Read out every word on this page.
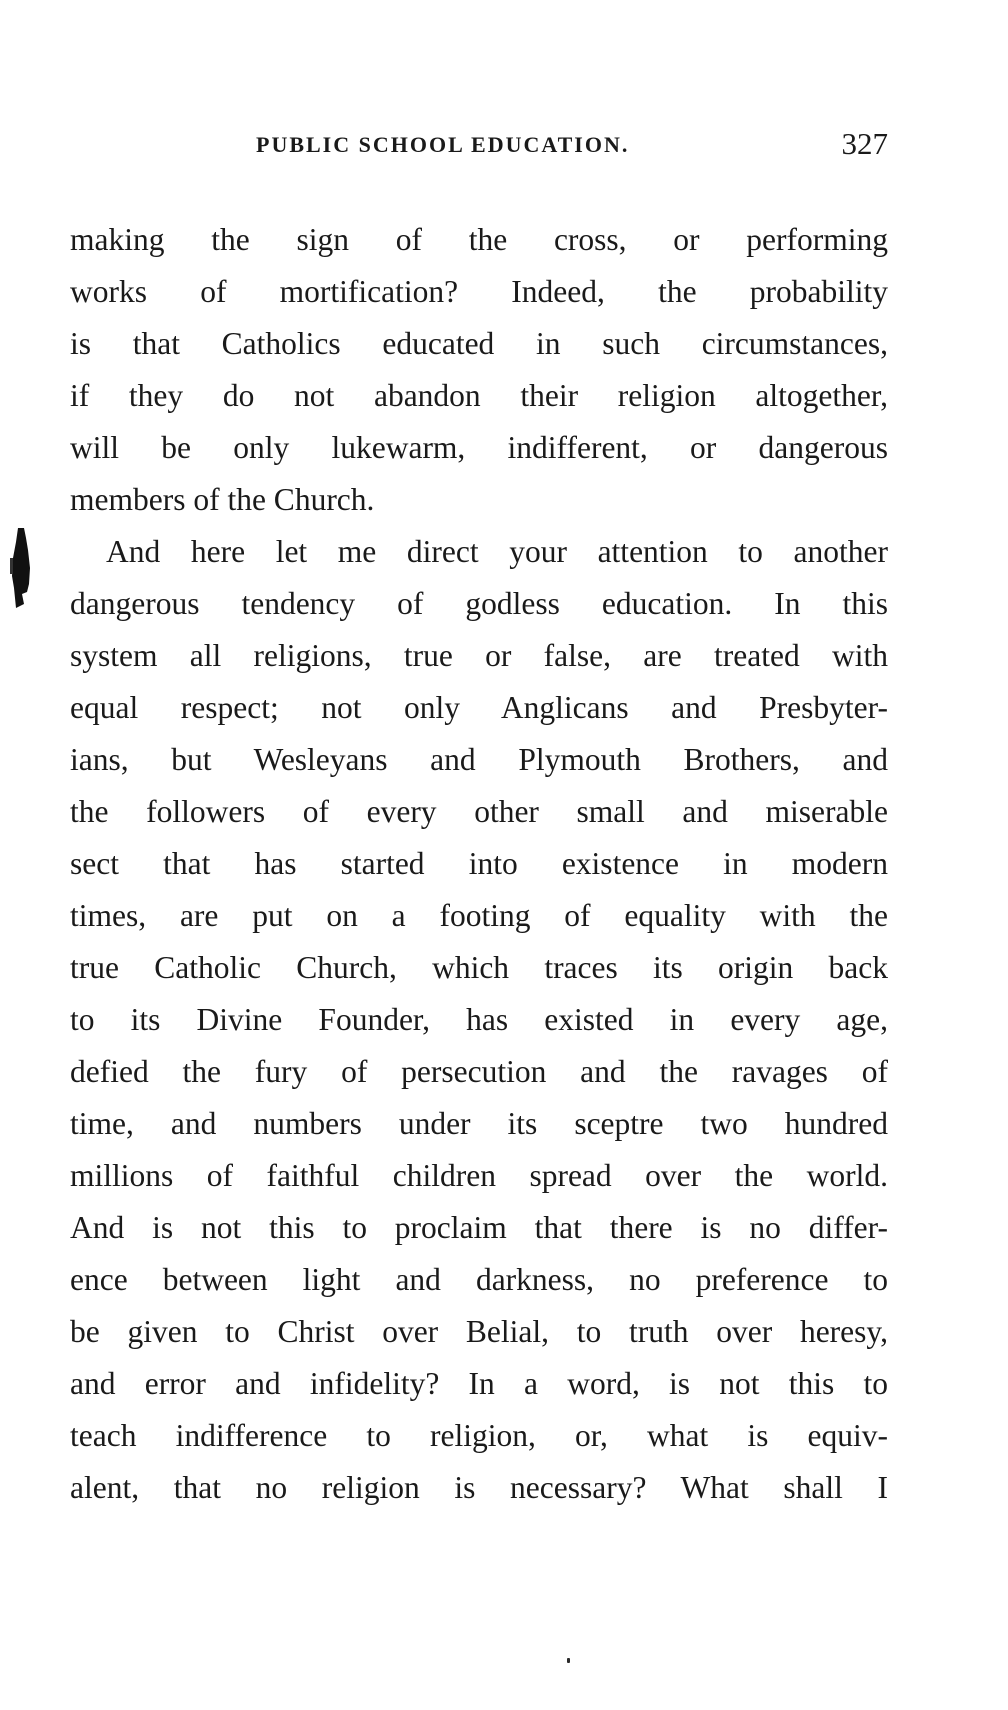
PUBLIC SCHOOL EDUCATION.	327
making the sign of the cross, or performing
works of mortification? Indeed, the probability
is that Catholics educated in such circumstances,
if they do not abandon their religion altogether,
will be only lukewarm, indifferent, or dangerous
members of the Church.
And here let me direct your attention to another
dangerous tendency of godless education. In this
system all religions, true or false, are treated with
equal respect; not only Anglicans and Presbyter-
ians, but Wesleyans and Plymouth Brothers, and
the followers of every other small and miserable
sect that has started into existence in modern
times, are put on a footing of equality with the
true Catholic Church, which traces its origin back
to its Divine Founder, has existed in every age,
defied the fury of persecution and the ravages of
time, and numbers under its sceptre two hundred
millions of faithful children spread over the world.
And is not this to proclaim that there is no differ-
ence between light and darkness, no preference to
be given to Christ over Belial, to truth over heresy,
and error and infidelity? In a word, is not this to
teach indifference to religion, or, what is equiv-
alent, that no religion is necessary? What shall I
